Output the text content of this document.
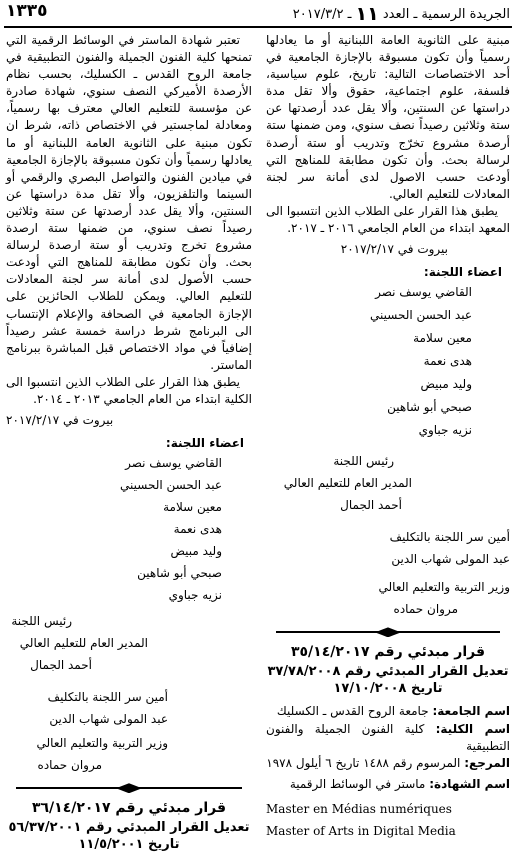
الجريدة الرسمية ـ العدد ١١ ـ ٢٠١٧/٣/٢
١٣٣٥

مبنية على الثانوية العامة اللبنانية أو ما يعادلها رسمياً وأن تكون مسبوقة بالإجازة الجامعية في أحد الاختصاصات التالية: تاريخ، علوم سياسية، فلسفة، علوم اجتماعية، حقوق وألا تقل مدة دراستها عن السنتين، وألا يقل عدد أرصدتها عن ستة وثلاثين رصيداً نصف سنوي، ومن ضمنها ستة أرصدة مشروع تخرّج وتدريب أو ستة أرصدة لرسالة بحث. وأن تكون مطابقة للمناهج التي أودعت حسب الاصول لدى أمانة سر لجنة المعادلات للتعليم العالي.

يطبق هذا القرار على الطلاب الذين انتسبوا الى المعهد ابتداء من العام الجامعي ٢٠١٦ ـ ٢٠١٧.

بيروت في ٢٠١٧/٢/١٧

اعضاء اللجنة:

القاضي يوسف نصر

عبد الحسن الحسيني

معين سلامة

هدى نعمة

وليد مبيض

صبحي أبو شاهين

نزيه جباوي

رئيس اللجنة

المدير العام للتعليم العالي

أحمد الجمال

أمين سر اللجنة بالتكليف

عبد المولى شهاب الدين

وزير التربية والتعليم العالي

مروان حماده

قرار مبدئي رقم ٣٥/١٤/٢٠١٧

تعديل القرار المبدئي رقم ٣٧/٧٨/٢٠٠٨

تاريخ ١٧/١٠/٢٠٠٨

اسم الجامعة: جامعة الروح القدس ـ الكسليك

اسم الكلية: كلية الفنون الجميلة والفنون التطبيقية

المرجع: المرسوم رقم ١٤٨٨ تاريخ ٦ أيلول ١٩٧٨

اسم الشهادة: ماستر في الوسائط الرقمية

Master en Médias numériques

Master of Arts in Digital Media

تعتبر شهادة الماستر في الوسائط الرقمية التي تمنحها كلية الفنون الجميلة والفنون التطبيقية في جامعة الروح القدس ـ الكسليك، بحسب نظام الأرصدة الأميركي النصف سنوي، شهادة صادرة عن مؤسسة للتعليم العالي معترف بها رسمياً، ومعادلة لماجستير في الاختصاص ذاته، شرط ان تكون مبنية على الثانوية العامة اللبنانية أو ما يعادلها رسمياً وأن تكون مسبوقة بالإجازة الجامعية في ميادين الفنون والتواصل البصري والرقمي أو السينما والتلفزيون، وألا تقل مدة دراستها عن السنتين، وألا يقل عدد أرصدتها عن ستة وثلاثين رصيداً نصف سنوي، من ضمنها ستة ارصدة مشروع تخرج وتدريب أو ستة ارصدة لرسالة بحث. وأن تكون مطابقة للمناهج التي أودعت حسب الأصول لدى أمانة سر لجنة المعادلات للتعليم العالي. ويمكن للطلاب الحائزين على الإجازة الجامعية في الصحافة والإعلام الإنتساب الى البرنامج شرط دراسة خمسة عشر رصيداً إضافياً في مواد الاختصاص قبل المباشرة ببرنامج الماستر.

يطبق هذا القرار على الطلاب الذين انتسبوا الى الكلية ابتداء من العام الجامعي ٢٠١٣ ـ ٢٠١٤.

بيروت في ٢٠١٧/٢/١٧

اعضاء اللجنة:

القاضي يوسف نصر

عبد الحسن الحسيني

معين سلامة

هدى نعمة

وليد مبيض

صبحي أبو شاهين

نزيه جباوي

رئيس اللجنة

المدير العام للتعليم العالي

أحمد الجمال

أمين سر اللجنة بالتكليف

عبد المولى شهاب الدين

وزير التربية والتعليم العالي

مروان حماده

قرار مبدئي رقم ٣٦/١٤/٢٠١٧

تعديل القرار المبدئي رقم ٥٦/٣٧/٢٠٠١

تاريخ ١١/٥/٢٠٠١
